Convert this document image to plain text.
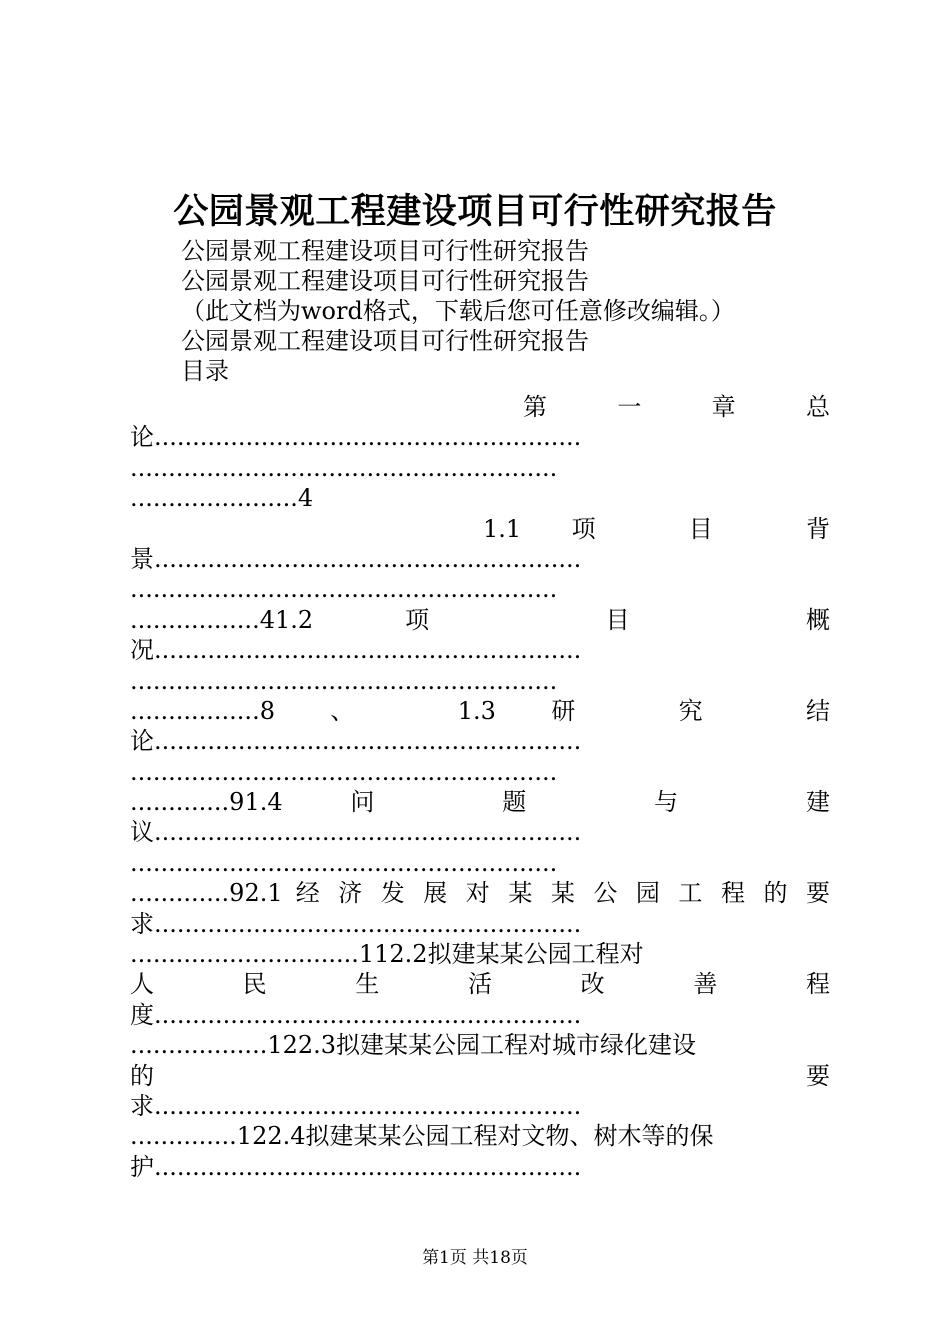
公园景观工程建设项目可行性研究报告
公园景观工程建设项目可行性研究报告
公园景观工程建设项目可行性研究报告
（此文档为word格式，下载后您可任意修改编辑。）
公园景观工程建设项目可行性研究报告
目录
第 一 章 总
论........................................................
........................................................
......................4
1.1 项 目 背
景........................................................
........................................................
.................41.2 项 目 概
况........................................................
........................................................
.................8 、 1.3 研 究 结
论........................................................
........................................................
.............91.4 问 题 与 建
议........................................................
........................................................
.............92.1 经 济 发 展 对 某 某 公 园 工 程 的 要
求........................................................
..............................112.2拟建某某公园工程对
人 民 生 活 改 善 程
度........................................................
..................122.3拟建某某公园工程对城市绿化建设
的 要
求........................................................
..............122.4拟建某某公园工程对文物、树木等的保
护........................................................
第1页 共18页
